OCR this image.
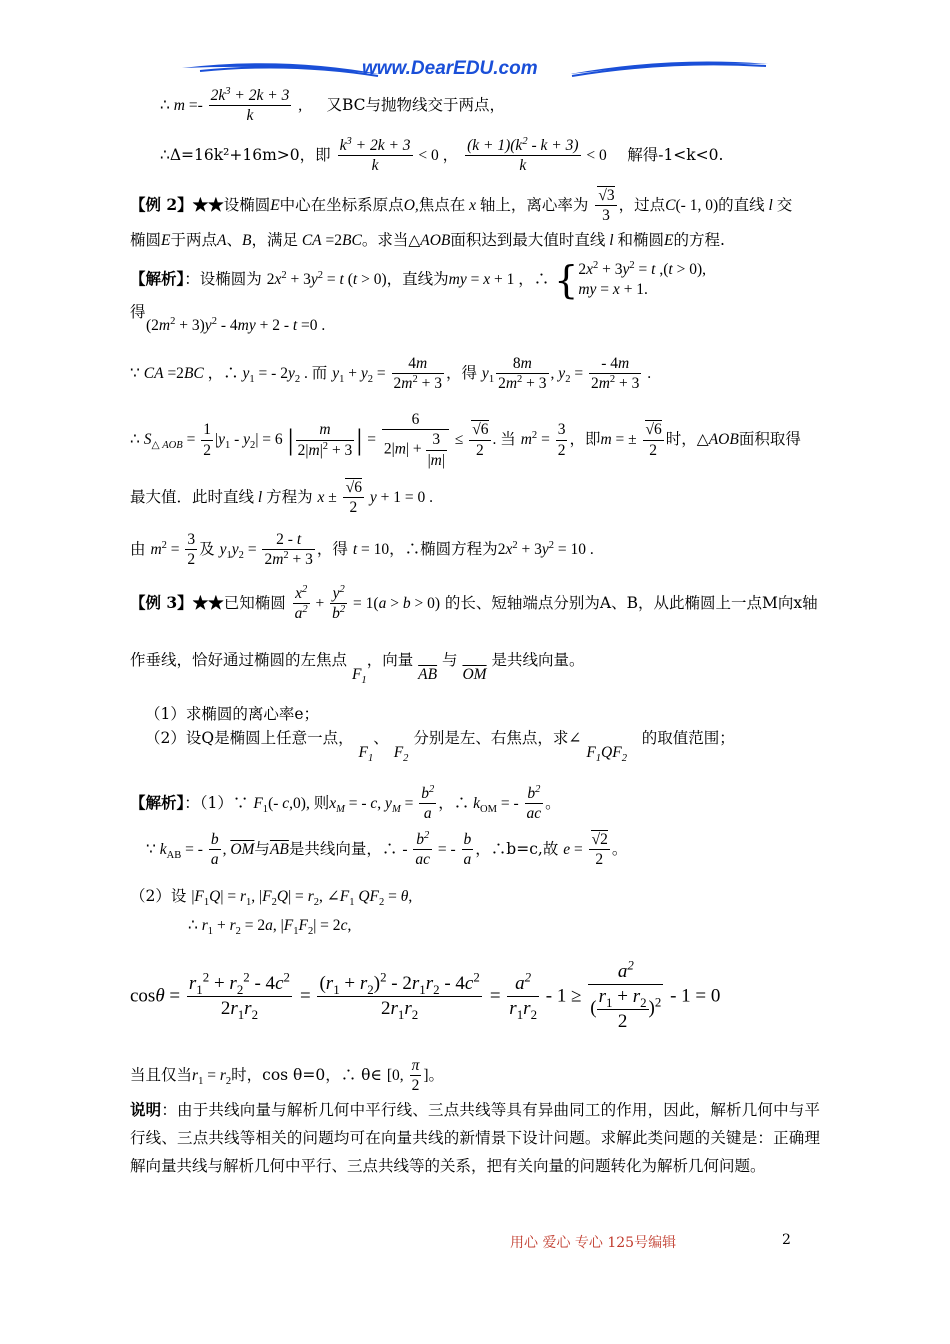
www.DearEDU.com
∴ $m =- \frac{2k^3 + 2k + 3}{k}$ ,      又BC与抛物线交于两点，
∴Δ=16k²+16m>0，即 $\frac{k^3 + 2k + 3}{k} < 0$ ， $\frac{(k + 1)(k^2 - k + 3)}{k} < 0$     解得-1<k<0.
【例 2】★★设椭圆E中心在坐标系原点O,焦点在 x 轴上，离心率为 $\frac{√3}{3}$ ，过点C(- 1, 0)的直线 l 交
椭圆E于两点A、B，满足 CA =2BC。求当△AOB面积达到最大值时直线 l 和椭圆E的方程.
【解析】：设椭圆为 $2x^2 + 3y^2 = t$ (t > 0)，直线为my = x + 1 ，∴ {$2x^2 + 3y^2 = t$ ,(t > 0),
my = x + 1.
得
$(2m^2 + 3)y^2 - 4my + 2 - t =0$ .
∵ CA =2BC ，∴ $y_1$ = - $2y_2$ . 而 $y_1 + y_2 = \frac{4m}{2m^2 + 3}$ ，得 $y_1 \frac{8m}{2m^2 + 3}$ , $y_2 = \frac{- 4m}{2m^2 + 3}$ .
∴ $S_{\triangle AOB} = \frac{1}{2} |y_1 - y_2| = 6$ | $\frac{m}{2|m|^2 + 3}$ | = $\frac{6}{2|m| + \frac{3}{|m|}} \le \frac{√6}{2}$ . 当 $m^2 = \frac{3}{2}$ ，即m = ± $\frac{√6}{2}$ 时，△AOB面积取得
最大值．此时直线 l 方程为 $x \pm \frac{√6}{2}$ y + 1 = 0 .
由 $m^2 = \frac{3}{2}$ 及 $y_1y_2 = \frac{2 - t}{2m^2 + 3}$ ，得 t = 10，∴椭圆方程为$2x^2 + 3y^2 = 10$ .
【例 3】★★已知椭圆 $\frac{x^2}{a^2} + \frac{y^2}{b^2} = 1(a > b > 0)$ 的长、短轴端点分别为A、B，从此椭圆上一点M向x轴
作垂线，恰好通过椭圆的左焦点 $F_1$，向量 $\overline{AB}$ 与 $\overline{OM}$ 是共线向量。
（1）求椭圆的离心率e；
（2）设Q是椭圆上任意一点， $F_1$、 $F_2$ 分别是左、右焦点，求∠ $F_1QF_2$   的取值范围；
【解析】：（1）∵ $F_1(-$ c,0), 则$x_M$ = - c, $y_M = \frac{b^2}{a}$ ，∴ $k_{OM}$ = - $\frac{b^2}{ac}$ 。
∵ $k_{AB}$ = - $\frac{b}{a}$ , $\overline{OM}$与$\overline{AB}$是共线向量，∴ - $\frac{b^2}{ac}$ = - $\frac{b}{a}$ ，∴b=c,故 $e = \frac{√2}{2}$ 。
（2）设 $|F_1Q| = r_1$, $|F_2Q| = r_2$, $\angle F_1$ $QF_2 = \theta$,
∴ $r_1 + r_2 = 2a$, $|F_1F_2| = 2c$,
$\cos\theta = \frac{r_1^2 + r_2^2 - 4c^2}{2r_1r_2} = \frac{(r_1 + r_2)^2 - 2r_1r_2 - 4c^2}{2r_1r_2} = \frac{a^2}{r_1r_2} - 1 \ge \frac{a^2}{( \frac{r_1 + r_2}{2} )^2} - 1 = 0$
当且仅当$r_1 = r_2$时，cos θ=0，∴ θ∈ [0, $\frac{\pi}{2}$ ]。
说明：由于共线向量与解析几何中平行线、三点共线等具有异曲同工的作用，因此，解析几何中与平行线、三点共线等相关的问题均可在向量共线的新情景下设计问题。求解此类问题的关键是：正确理解向量共线与解析几何中平行、三点共线等的关系，把有关向量的问题转化为解析几何问题。
用心 爱心 专心 125号编辑	2
